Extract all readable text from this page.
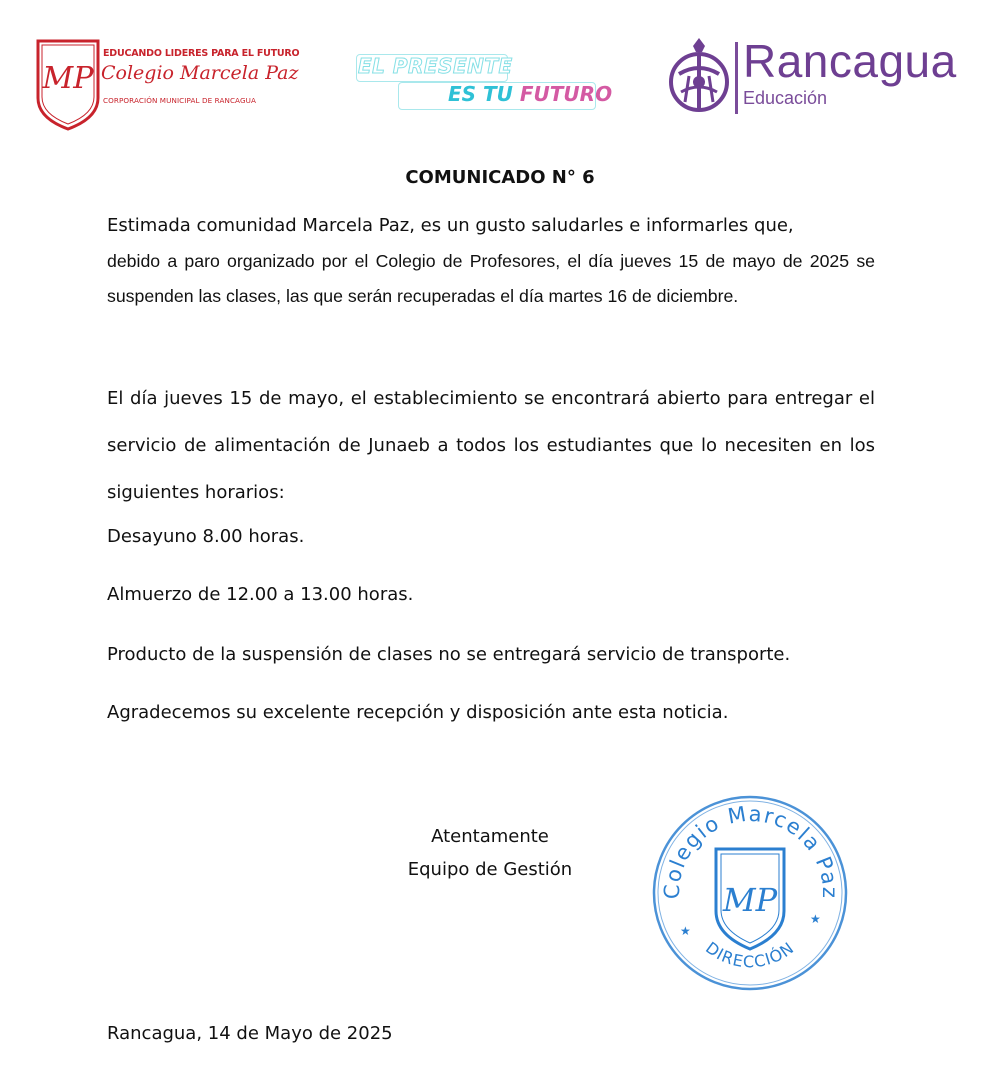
MP
EDUCANDO LIDERES PARA EL FUTURO
Colegio Marcela Paz
CORPORACIÓN MUNICIPAL DE RANCAGUA
EL PRESENTE
ES TU FUTURO
Rancagua
Educación
COMUNICADO N° 6
Estimada comunidad Marcela Paz, es un gusto saludarles e informarles que,
debido a paro organizado por el Colegio de Profesores, el día jueves 15 de mayo de 2025 se suspenden las clases, las que serán recuperadas el día martes 16 de diciembre.
El día jueves 15 de mayo, el establecimiento se encontrará abierto para entregar el servicio de alimentación de Junaeb a todos los estudiantes que lo necesiten en los siguientes horarios:
Desayuno 8.00 horas.
Almuerzo de 12.00 a 13.00 horas.
Producto de la suspensión de clases no se entregará servicio de transporte.
Agradecemos su excelente recepción y disposición ante esta noticia.
Atentamente
Equipo de Gestión
Colegio Marcela Paz
DIRECCIÓN
★
★
MP
Rancagua, 14 de Mayo de 2025
